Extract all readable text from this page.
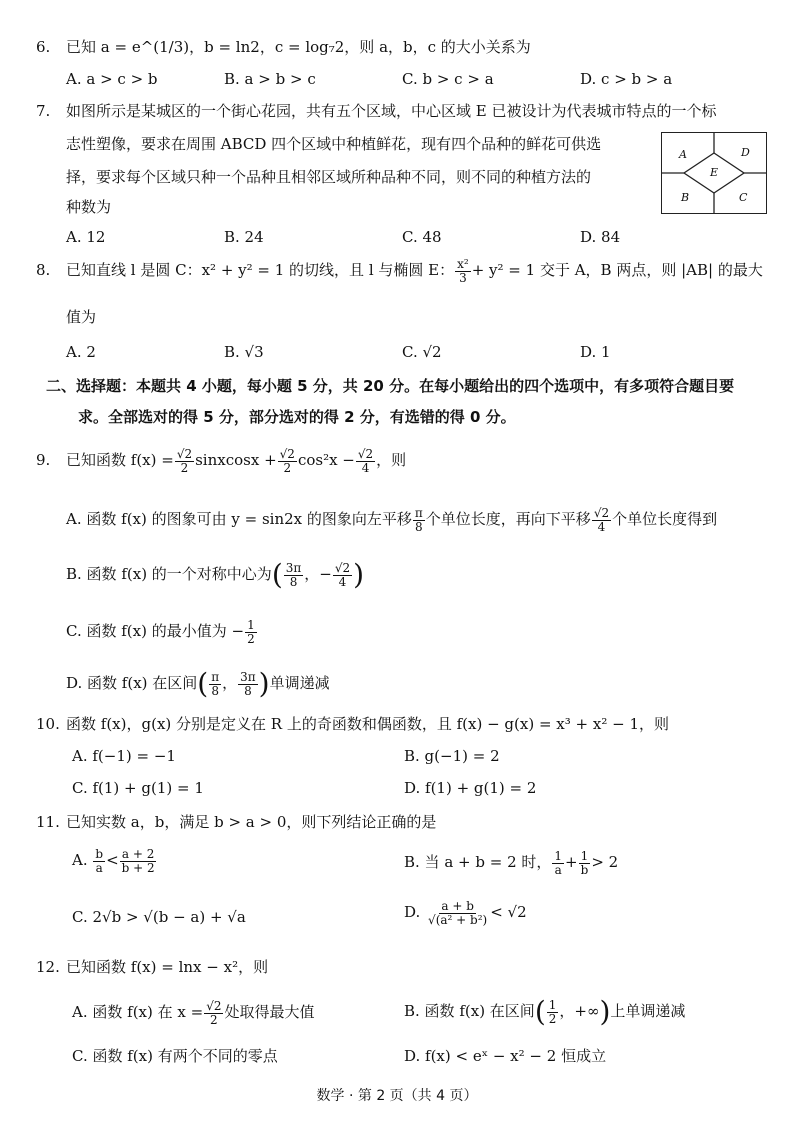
6. 已知 a = e^(1/3)，b = ln2，c = log₇2，则 a，b，c 的大小关系为
A. a > c > b	B. a > b > c	C. b > c > a	D. c > b > a
7. 如图所示是某城区的一个街心花园，共有五个区域，中心区域 E 已被设计为代表城市特点的一个标
志性塑像，要求在周围 ABCD 四个区域中种植鲜花，现有四个品种的鲜花可供选
择，要求每个区域只种一个品种且相邻区域所种品种不同，则不同的种植方法的
种数为
A	D
E
B	C
A. 12	B. 24	C. 48	D. 84
8. 已知直线 l 是圆 C：x² + y² = 1 的切线，且 l 与椭圆 E： $\frac{\text{x²}}{3} + y^2 = 1$ 交于 A，B 两点，则 |AB| 的最大
值为
A. 2	B. √3	C. √2	D. 1
二、选择题：本题共 4 小题，每小题 5 分，共 20 分。在每小题给出的四个选项中，有多项符合题目要
求。全部选对的得 5 分，部分选对的得 2 分，有选错的得 0 分。
9. 已知函数 $f(x) = \frac{√2}{2}$ sinxcosx + $\frac{√2}{2} \cos^2x - \frac{√2}{4}$ ，则
A. 函数 f(x) 的图象可由 y = sin2x 的图象向左平移 $\frac{\pi}{8}$ 个单位长度，再向下平移 $\frac{√2}{4}$ 个单位长度得到
B. 函数 f(x) 的一个对称中心为( $\frac{3\pi}{8}$ ，− $\frac{√2}{4}$ )
C. 函数 f(x) 的最小值为 − $\frac{1}{2}$
D. 函数 f(x) 在区间( $\frac{\pi}{8}$ ， $\frac{3\pi}{8}$ )单调递减
10. 函数 f(x)，g(x) 分别是定义在 R 上的奇函数和偶函数，且 f(x) − g(x) = x³ + x² − 1，则
A. f(−1) = −1	B. g(−1) = 2
C. f(1) + g(1) = 1	D. f(1) + g(1) = 2
11. 已知实数 a，b，满足 b > a > 0，则下列结论正确的是
A. $\frac{b}{a} < \frac{a + 2}{b + 2}$	B. 当 a + b = 2 时， $\frac{1}{a} + \frac{1}{b} > 2$
C. 2√b > √(b − a) + √a	D. $\frac{a + b}{\text{√(a² + b²)}} < √2$
12. 已知函数 f(x) = lnx − x²，则
A. 函数 f(x) 在 $x = \frac{√2}{2}$ 处取得最大值	B. 函数 f(x) 在区间( $\frac{1}{2}$ ，+∞)上单调递减
C. 函数 f(x) 有两个不同的零点	D. f(x) < eˣ − x² − 2 恒成立
数学 · 第 2 页（共 4 页）
